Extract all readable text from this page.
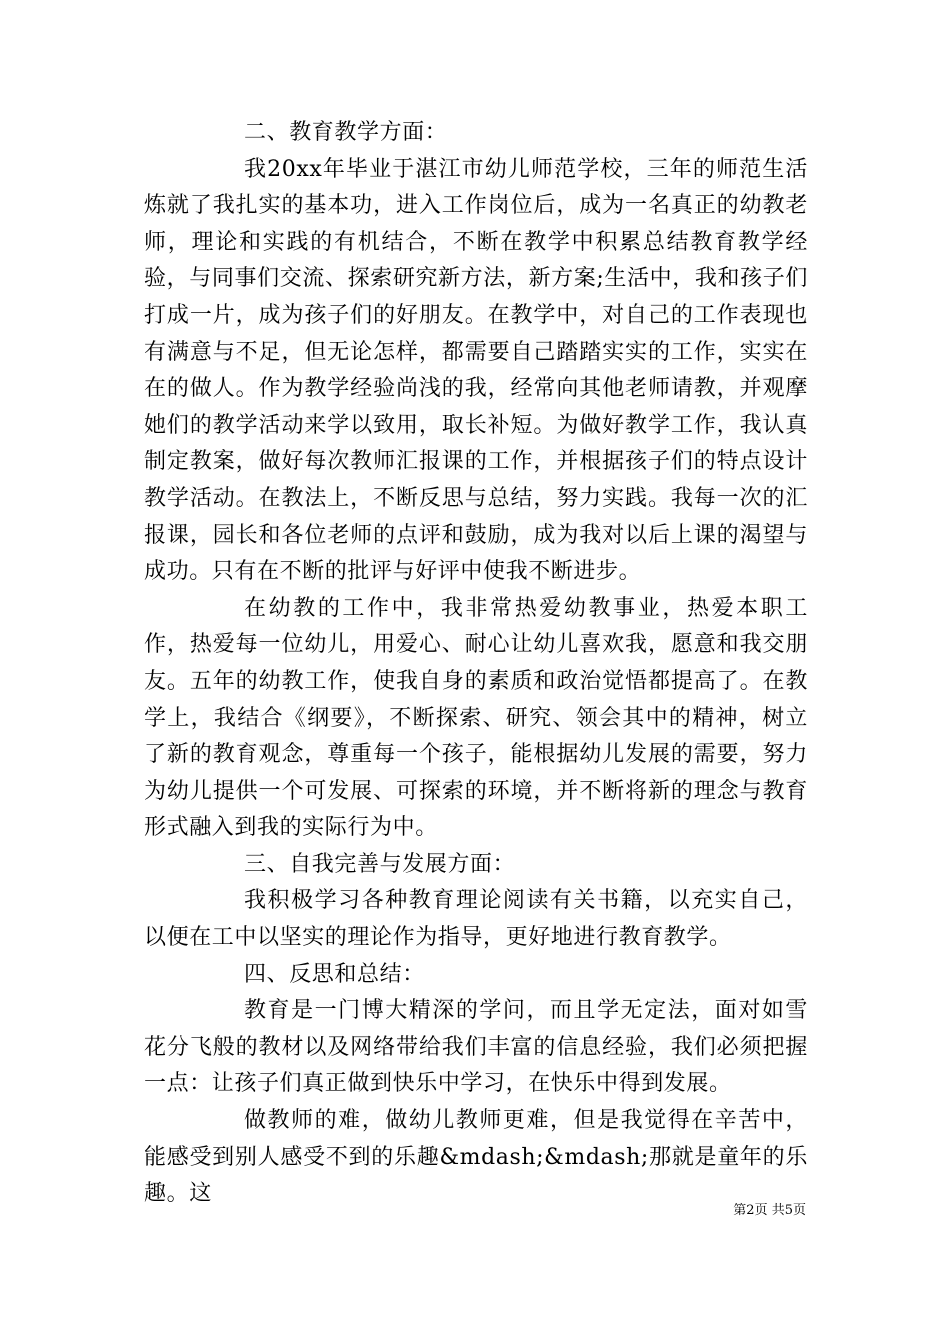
二、教育教学方面：

我20xx年毕业于湛江市幼儿师范学校，三年的师范生活炼就了我扎实的基本功，进入工作岗位后，成为一名真正的幼教老师，理论和实践的有机结合，不断在教学中积累总结教育教学经验，与同事们交流、探索研究新方法，新方案;生活中，我和孩子们打成一片，成为孩子们的好朋友。在教学中，对自己的工作表现也有满意与不足，但无论怎样，都需要自己踏踏实实的工作，实实在在的做人。作为教学经验尚浅的我，经常向其他老师请教，并观摩她们的教学活动来学以致用，取长补短。为做好教学工作，我认真制定教案，做好每次教师汇报课的工作，并根据孩子们的特点设计教学活动。在教法上，不断反思与总结，努力实践。我每一次的汇报课，园长和各位老师的点评和鼓励，成为我对以后上课的渴望与成功。只有在不断的批评与好评中使我不断进步。

在幼教的工作中，我非常热爱幼教事业，热爱本职工作，热爱每一位幼儿，用爱心、耐心让幼儿喜欢我，愿意和我交朋友。五年的幼教工作，使我自身的素质和政治觉悟都提高了。在教学上，我结合《纲要》，不断探索、研究、领会其中的精神，树立了新的教育观念，尊重每一个孩子，能根据幼儿发展的需要，努力为幼儿提供一个可发展、可探索的环境，并不断将新的理念与教育形式融入到我的实际行为中。

三、自我完善与发展方面：

我积极学习各种教育理论阅读有关书籍，以充实自己，以便在工中以坚实的理论作为指导，更好地进行教育教学。

四、反思和总结：

教育是一门博大精深的学问，而且学无定法，面对如雪花分飞般的教材以及网络带给我们丰富的信息经验，我们必须把握一点：让孩子们真正做到快乐中学习，在快乐中得到发展。

做教师的难，做幼儿教师更难，但是我觉得在辛苦中，能感受到别人感受不到的乐趣&mdash;&mdash;那就是童年的乐趣。这

第2页 共5页
